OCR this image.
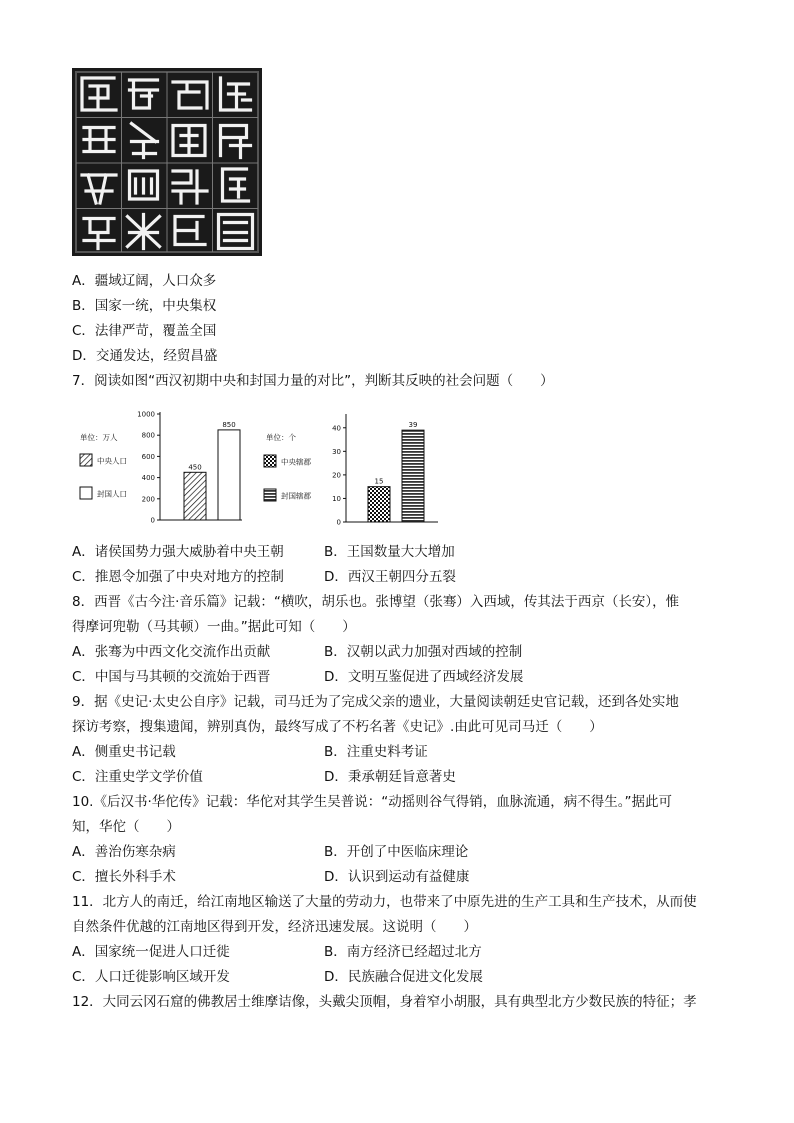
A．疆域辽阔，人口众多
B．国家一统，中央集权
C．法律严苛，覆盖全国
D．交通发达，经贸昌盛
7．阅读如图“西汉初期中央和封国力量的对比”，判断其反映的社会问题（　　）
0
200
400
600
800
1000
单位：万人
中央人口
封国人口
450
850
0
10
20
30
40
单位：个
中央辖郡
封国辖郡
15
39
A．诸侯国势力强大威胁着中央王朝	B．王国数量大大增加
C．推恩令加强了中央对地方的控制	D．西汉王朝四分五裂
8．西晋《古今注·音乐篇》记载：“横吹，胡乐也。张博望（张骞）入西域，传其法于西京（长安），惟
得摩诃兜勒（马其顿）一曲。”据此可知（　　）
A．张骞为中西文化交流作出贡献	B．汉朝以武力加强对西域的控制
C．中国与马其顿的交流始于西晋	D．文明互鉴促进了西域经济发展
9．据《史记·太史公自序》记载，司马迁为了完成父亲的遗业，大量阅读朝廷史官记载，还到各处实地
探访考察，搜集遗闻，辨别真伪，最终写成了不朽名著《史记》.由此可见司马迁（　　）
A．侧重史书记载	B．注重史料考证
C．注重史学文学价值	D．秉承朝廷旨意著史
10.《后汉书·华佗传》记载：华佗对其学生吴普说：“动摇则谷气得销，血脉流通，病不得生。”据此可
知，华佗（　　）
A．善治伤寒杂病	B．开创了中医临床理论
C．擅长外科手术	D．认识到运动有益健康
11．北方人的南迁，给江南地区输送了大量的劳动力，也带来了中原先进的生产工具和生产技术，从而使
自然条件优越的江南地区得到开发，经济迅速发展。这说明（　　）
A．国家统一促进人口迁徙	B．南方经济已经超过北方
C．人口迁徙影响区域开发	D．民族融合促进文化发展
12．大同云冈石窟的佛教居士维摩诘像，头戴尖顶帽，身着窄小胡服，具有典型北方少数民族的特征；孝
